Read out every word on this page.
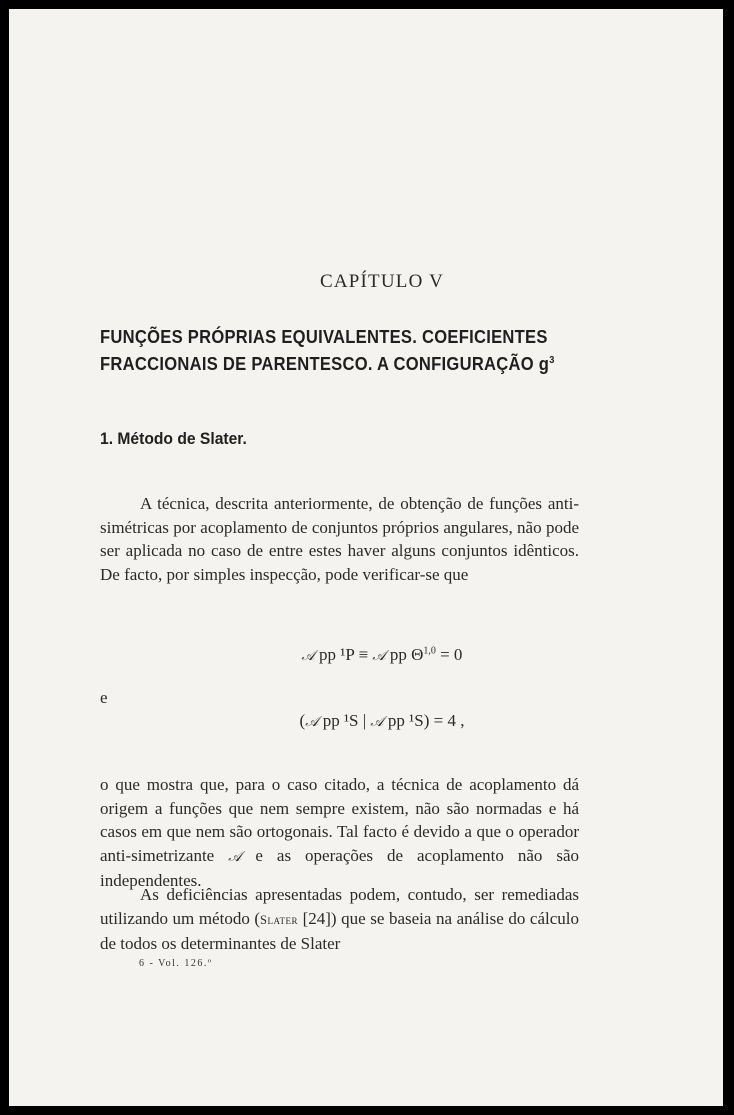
CAPÍTULO V
FUNÇÕES PRÓPRIAS EQUIVALENTES. COEFICIENTES
FRACCIONAIS DE PARENTESCO. A CONFIGURAÇÃO $g^3$
1. Método de Slater.

A técnica, descrita anteriormente, de obtenção de funções anti-simétricas por acoplamento de conjuntos próprios angulares, não pode ser aplicada no caso de entre estes haver alguns conjuntos idênticos. De facto, por simples inspecção, pode verificar-se que

𝒜 pp ¹P ≡ 𝒜 pp Θ$^{1,0}$ = 0
e
(𝒜 pp ¹S | 𝒜 pp ¹S) = 4 ,

o que mostra que, para o caso citado, a técnica de acoplamento dá origem a funções que nem sempre existem, não são normadas e há casos em que nem são ortogonais. Tal facto é devido a que o operador anti-simetrizante 𝒜 e as operações de acoplamento não são independentes.

As deficiências apresentadas podem, contudo, ser remediadas utilizando um método (Slater [24]) que se baseia na análise do cálculo de todos os determinantes de Slater

6 - Vol. 126.º
